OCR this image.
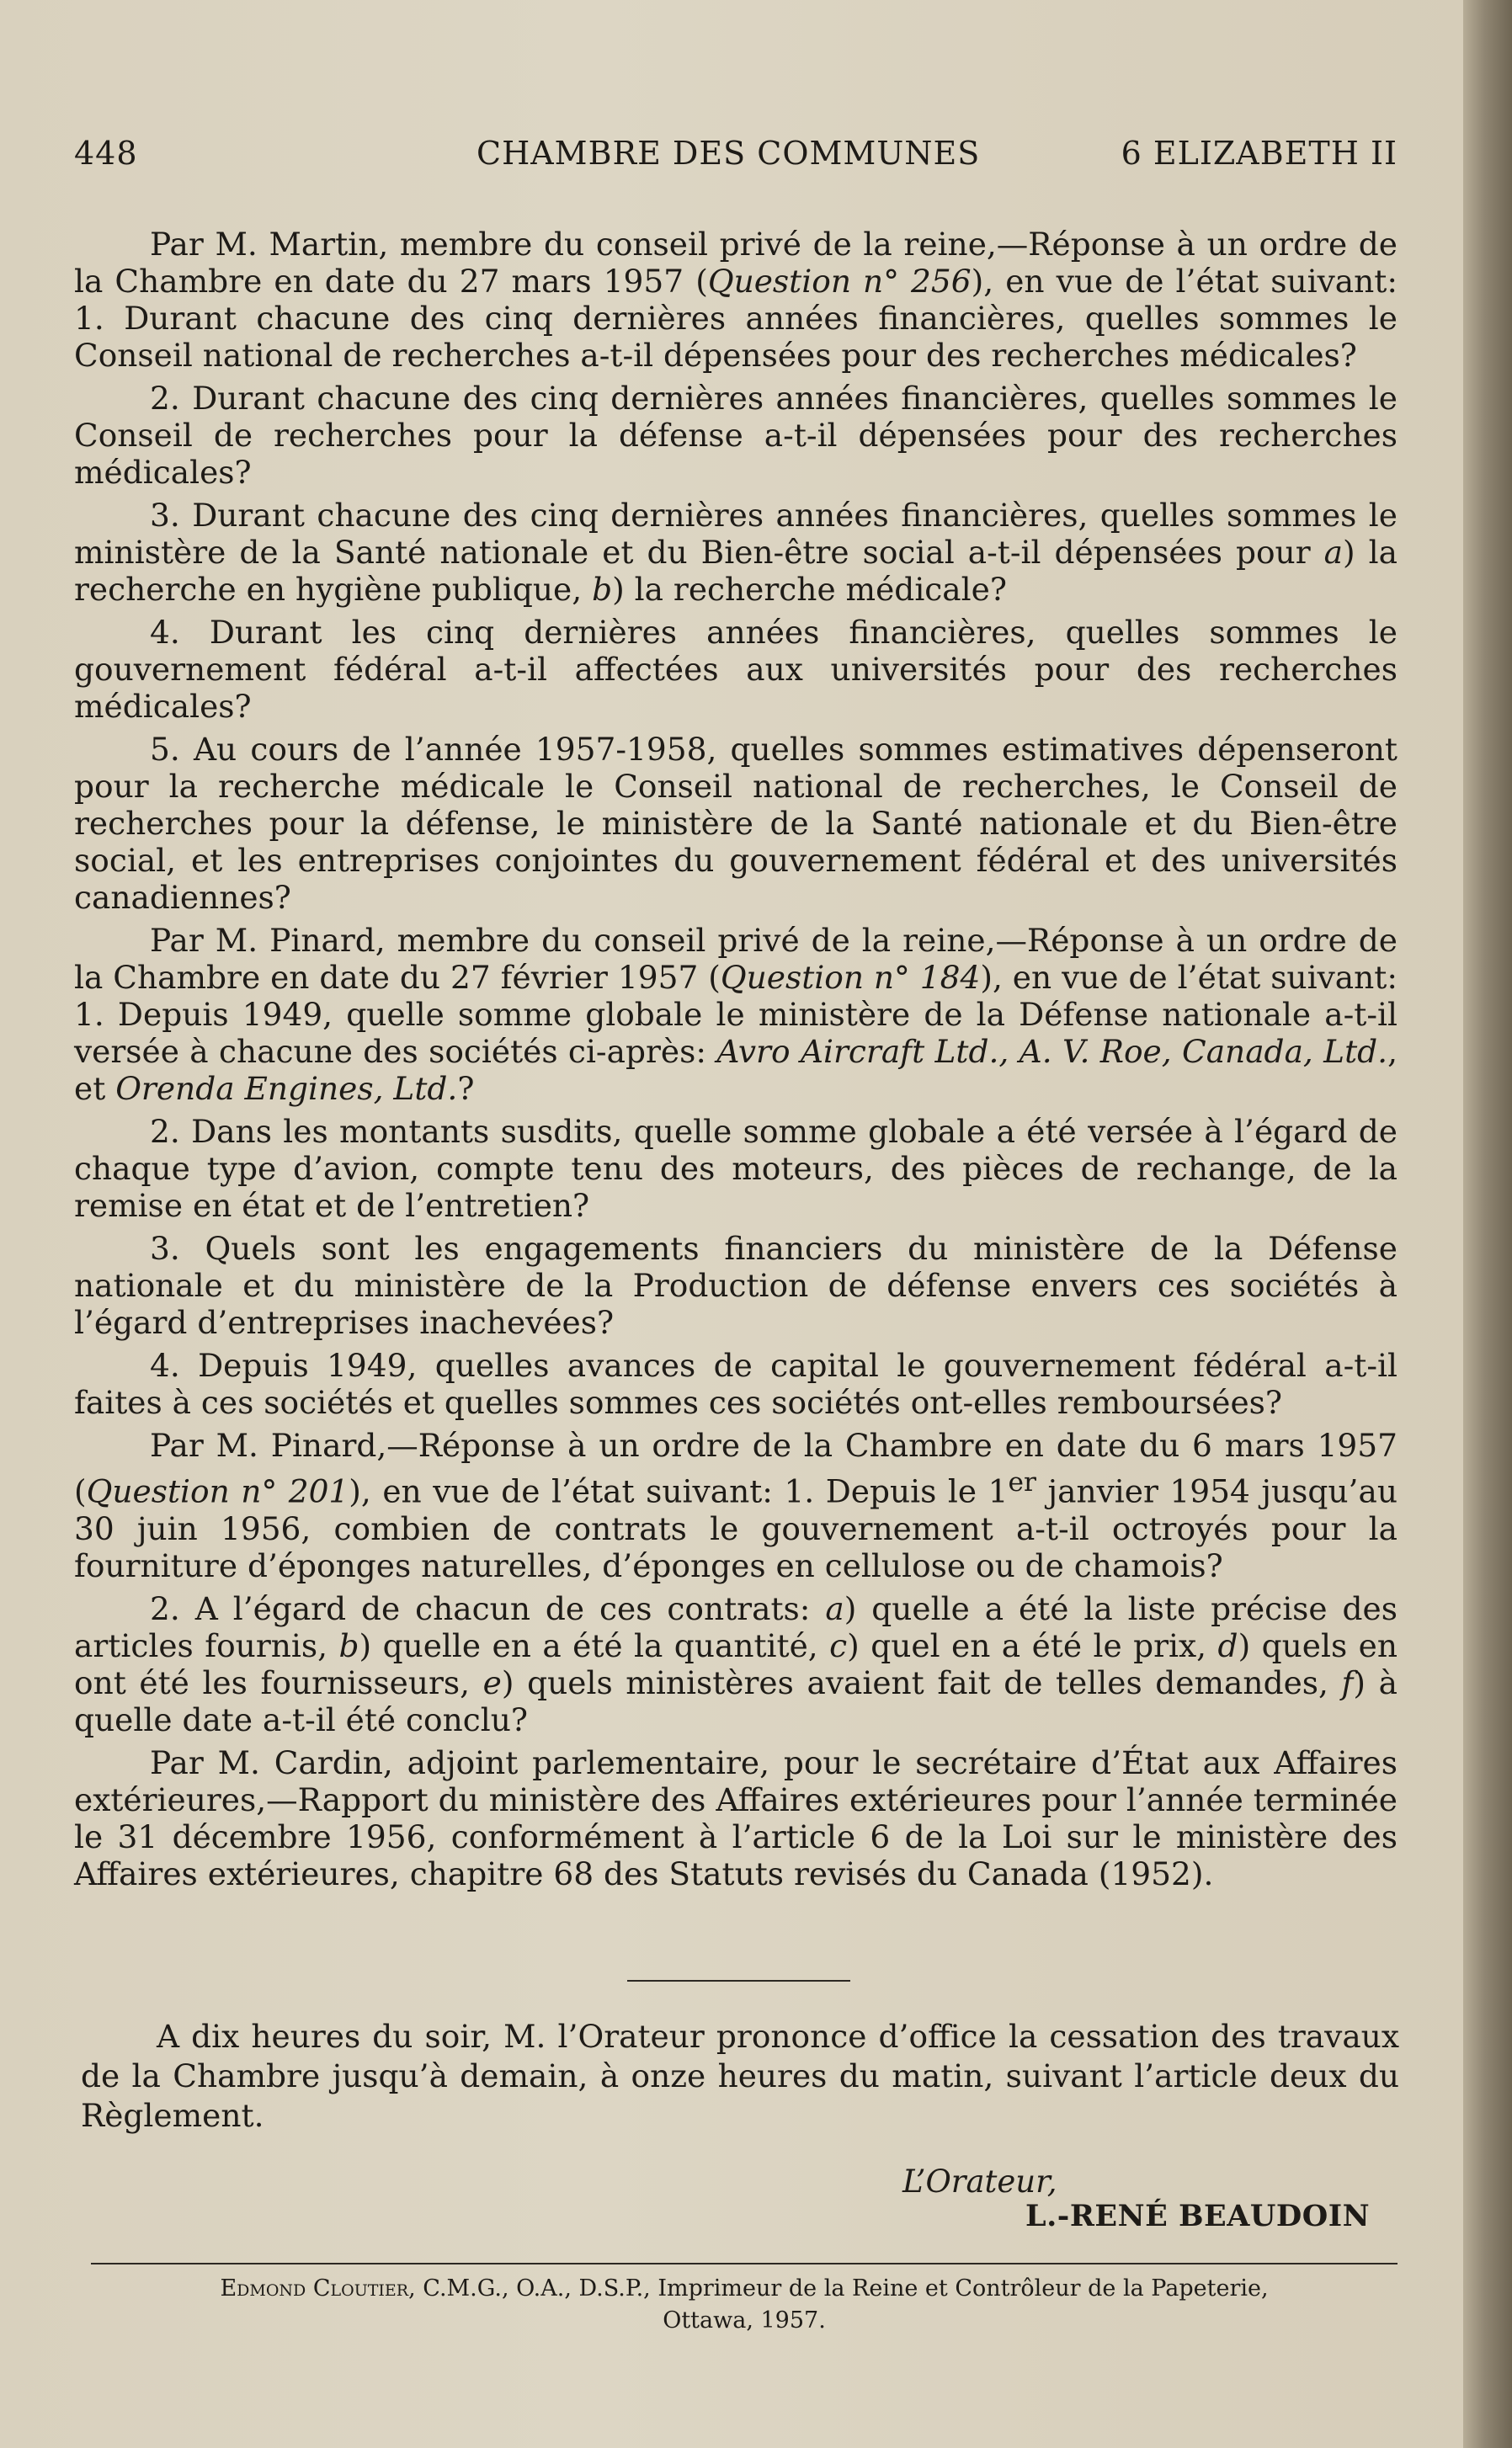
448	CHAMBRE DES COMMUNES	6 ELIZABETH II

Par M. Martin, membre du conseil privé de la reine,—Réponse à un ordre de la Chambre en date du 27 mars 1957 (Question n° 256), en vue de l’état suivant: 1. Durant chacune des cinq dernières années financières, quelles sommes le Conseil national de recherches a-t-il dépensées pour des recherches médicales?

2. Durant chacune des cinq dernières années financières, quelles sommes le Conseil de recherches pour la défense a-t-il dépensées pour des recherches médicales?

3. Durant chacune des cinq dernières années financières, quelles sommes le ministère de la Santé nationale et du Bien-être social a-t-il dépensées pour a) la recherche en hygiène publique, b) la recherche médicale?

4. Durant les cinq dernières années financières, quelles sommes le gouvernement fédéral a-t-il affectées aux universités pour des recherches médicales?

5. Au cours de l’année 1957-1958, quelles sommes estimatives dépenseront pour la recherche médicale le Conseil national de recherches, le Conseil de recherches pour la défense, le ministère de la Santé nationale et du Bien-être social, et les entreprises conjointes du gouvernement fédéral et des universités canadiennes?

Par M. Pinard, membre du conseil privé de la reine,—Réponse à un ordre de la Chambre en date du 27 février 1957 (Question n° 184), en vue de l’état suivant: 1. Depuis 1949, quelle somme globale le ministère de la Défense nationale a-t-il versée à chacune des sociétés ci-après: Avro Aircraft Ltd., A. V. Roe, Canada, Ltd., et Orenda Engines, Ltd.?

2. Dans les montants susdits, quelle somme globale a été versée à l’égard de chaque type d’avion, compte tenu des moteurs, des pièces de rechange, de la remise en état et de l’entretien?

3. Quels sont les engagements financiers du ministère de la Défense nationale et du ministère de la Production de défense envers ces sociétés à l’égard d’entreprises inachevées?

4. Depuis 1949, quelles avances de capital le gouvernement fédéral a-t-il faites à ces sociétés et quelles sommes ces sociétés ont-elles remboursées?

Par M. Pinard,—Réponse à un ordre de la Chambre en date du 6 mars 1957 (Question n° 201), en vue de l’état suivant: 1. Depuis le 1er janvier 1954 jusqu’au 30 juin 1956, combien de contrats le gouvernement a-t-il octroyés pour la fourniture d’éponges naturelles, d’éponges en cellulose ou de chamois?

2. A l’égard de chacun de ces contrats: a) quelle a été la liste précise des articles fournis, b) quelle en a été la quantité, c) quel en a été le prix, d) quels en ont été les fournisseurs, e) quels ministères avaient fait de telles demandes, f) à quelle date a-t-il été conclu?

Par M. Cardin, adjoint parlementaire, pour le secrétaire d’État aux Affaires extérieures,—Rapport du ministère des Affaires extérieures pour l’année terminée le 31 décembre 1956, conformément à l’article 6 de la Loi sur le ministère des Affaires extérieures, chapitre 68 des Statuts revisés du Canada (1952).

A dix heures du soir, M. l’Orateur prononce d’office la cessation des travaux de la Chambre jusqu’à demain, à onze heures du matin, suivant l’article deux du Règlement.

L’Orateur,
L.-RENÉ BEAUDOIN
Edmond Cloutier, C.M.G., O.A., D.S.P., Imprimeur de la Reine et Contrôleur de la Papeterie,
Ottawa, 1957.
